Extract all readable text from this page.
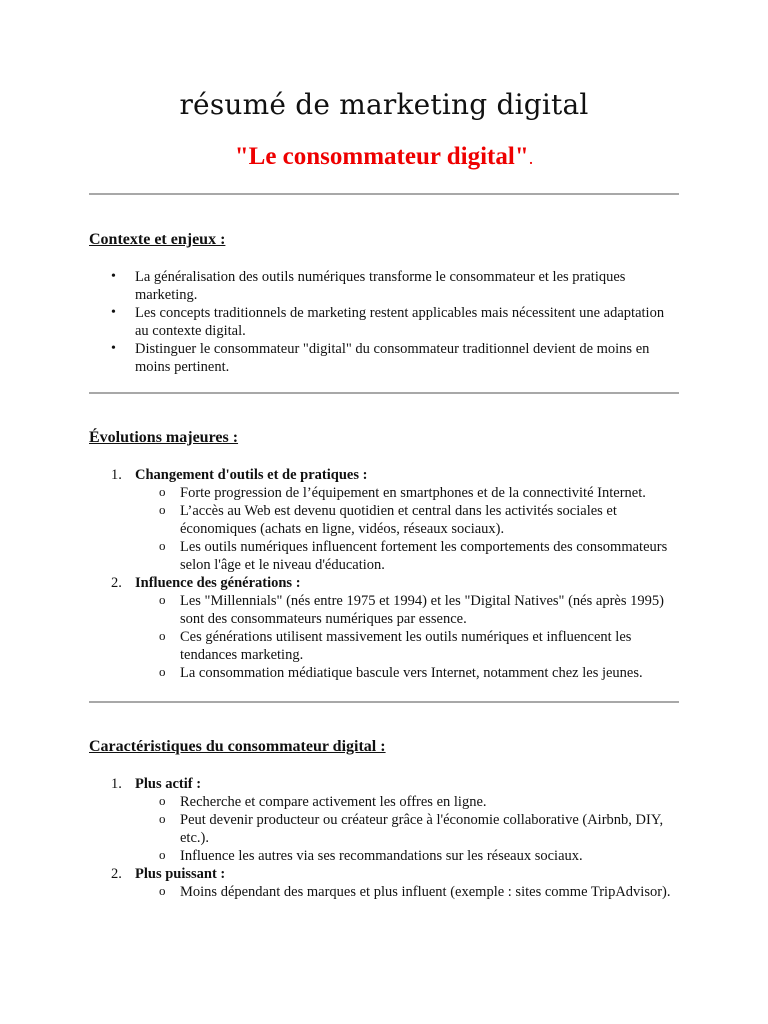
résumé de marketing digital

"Le consommateur digital".

Contexte et enjeux :
• La généralisation des outils numériques transforme le consommateur et les pratiques marketing.
• Les concepts traditionnels de marketing restent applicables mais nécessitent une adaptation au contexte digital.
• Distinguer le consommateur "digital" du consommateur traditionnel devient de moins en moins pertinent.
Évolutions majeures :
1. Changement d'outils et de pratiques :
o Forte progression de l’équipement en smartphones et de la connectivité Internet.
o L’accès au Web est devenu quotidien et central dans les activités sociales et économiques (achats en ligne, vidéos, réseaux sociaux).
o Les outils numériques influencent fortement les comportements des consommateurs selon l'âge et le niveau d'éducation.
2. Influence des générations :
o Les "Millennials" (nés entre 1975 et 1994) et les "Digital Natives" (nés après 1995) sont des consommateurs numériques par essence.
o Ces générations utilisent massivement les outils numériques et influencent les tendances marketing.
o La consommation médiatique bascule vers Internet, notamment chez les jeunes.
Caractéristiques du consommateur digital :
1. Plus actif :
o Recherche et compare activement les offres en ligne.
o Peut devenir producteur ou créateur grâce à l'économie collaborative (Airbnb, DIY, etc.).
o Influence les autres via ses recommandations sur les réseaux sociaux.
2. Plus puissant :
o Moins dépendant des marques et plus influent (exemple : sites comme TripAdvisor).
